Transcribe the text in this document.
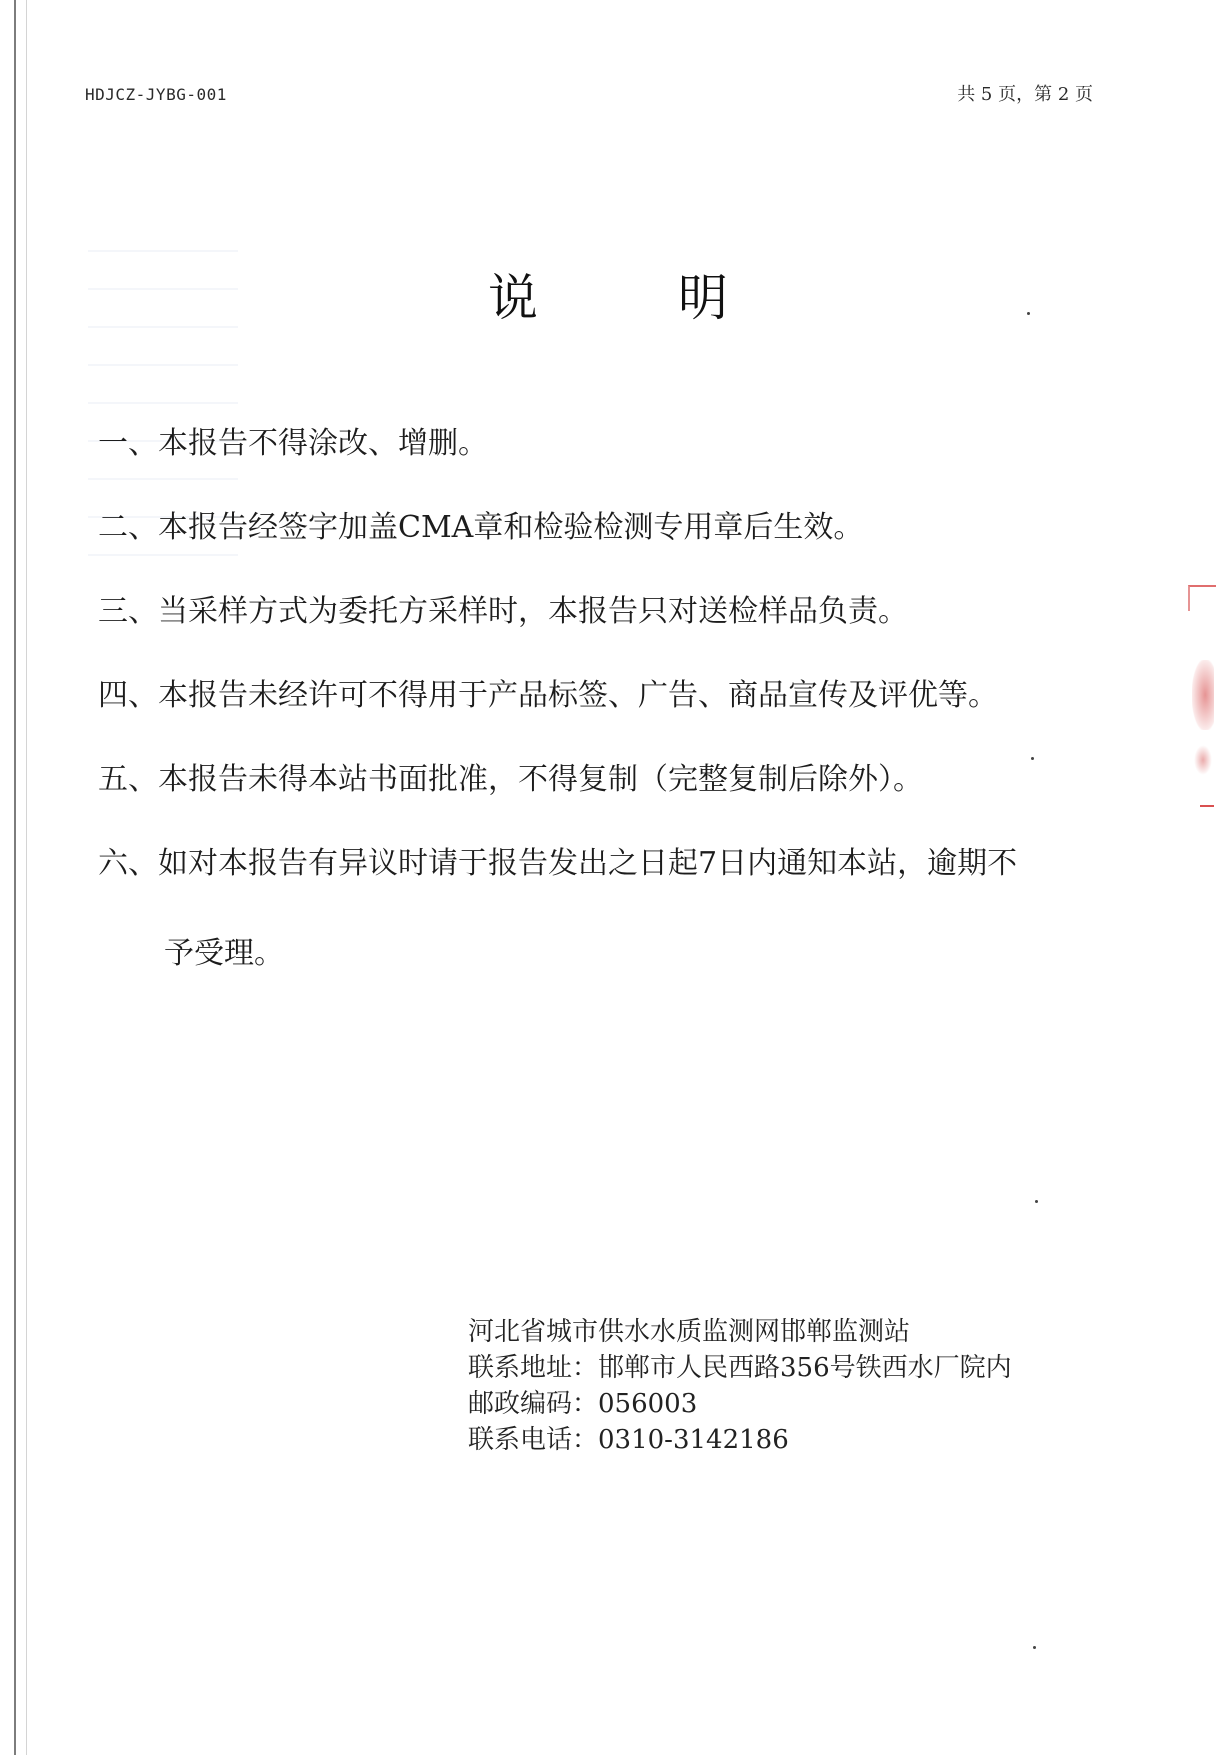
HDJCZ-JYBG-001	共 5 页，第 2 页
说明
一、本报告不得涂改、增删。
二、本报告经签字加盖CMA章和检验检测专用章后生效。
三、当采样方式为委托方采样时，本报告只对送检样品负责。
四、本报告未经许可不得用于产品标签、广告、商品宣传及评优等。
五、本报告未得本站书面批准，不得复制（完整复制后除外）。
六、如对本报告有异议时请于报告发出之日起7日内通知本站，逾期不
予受理。
河北省城市供水水质监测网邯郸监测站
联系地址：邯郸市人民西路356号铁西水厂院内
邮政编码：056003
联系电话：0310-3142186
